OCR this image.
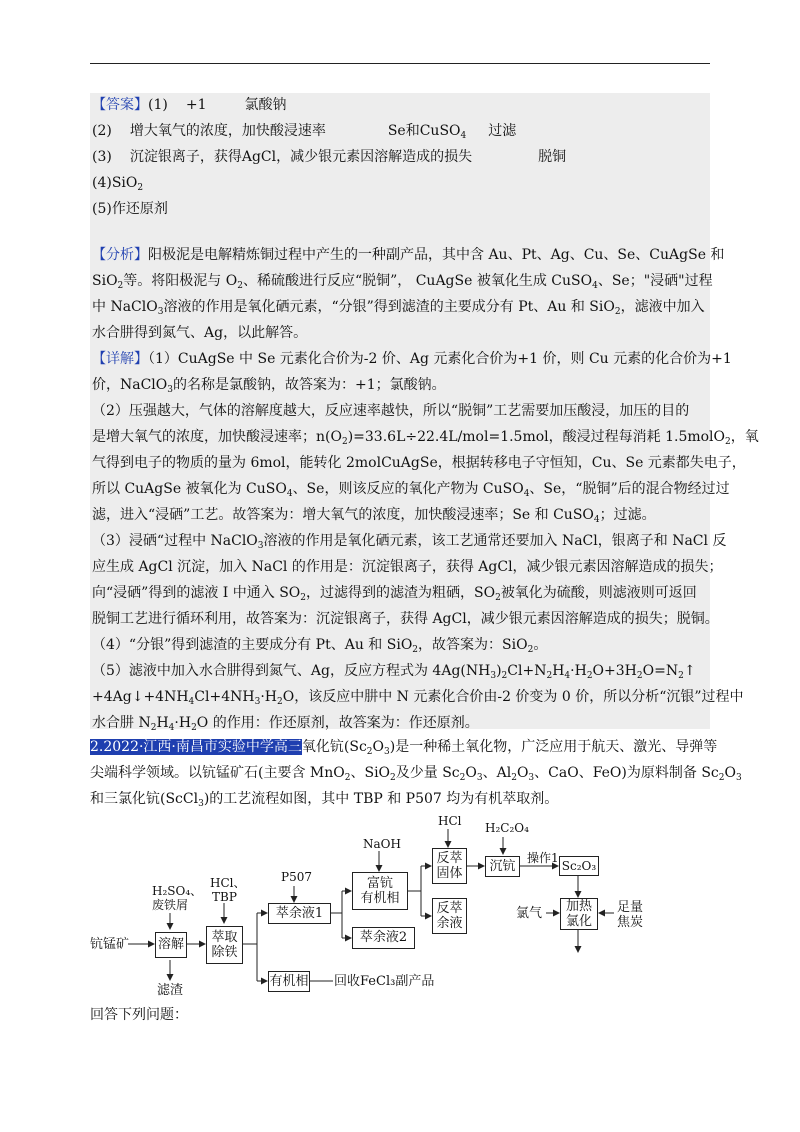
【答案】(1) +1	氯酸钠
(2) 增大氧气的浓度，加快酸浸速率	Se和CuSO$_4$ 过滤
(3) 沉淀银离子，获得AgCl，减少银元素因溶解造成的损失	脱铜
(4)SiO$_2$
(5)作还原剂
【分析】阳极泥是电解精炼铜过程中产生的一种副产品，其中含 Au、Pt、Ag、Cu、Se、CuAgSe 和
SiO$_2$等。将阳极泥与 $O_2$、稀硫酸进行反应“脱铜”， CuAgSe 被氧化生成 CuSO$_4$、Se；"浸硒"过程
中 NaClO$_3$溶液的作用是氧化硒元素，“分银”得到滤渣的主要成分有 Pt、Au 和 SiO$_2$，滤液中加入
水合肼得到氮气、Ag，以此解答。
【详解】（1）CuAgSe 中 Se 元素化合价为-2 价、Ag 元素化合价为+1 价，则 Cu 元素的化合价为+1
价，NaClO$_3$的名称是氯酸钠，故答案为：+1；氯酸钠。
（2）压强越大，气体的溶解度越大，反应速率越快，所以“脱铜”工艺需要加压酸浸，加压的目的
是增大氧气的浓度，加快酸浸速率；$n(O_2)=33.6L\div 22.4L/mol=1.5mol$，酸浸过程每消耗 1.5molO$_2$，氧
气得到电子的物质的量为 6mol，能转化 2molCuAgSe，根据转移电子守恒知，Cu、Se 元素都失电子，
所以 CuAgSe 被氧化为 CuSO$_4$、Se，则该反应的氧化产物为 CuSO$_4$、Se，“脱铜”后的混合物经过过
滤，进入“浸硒”工艺。故答案为：增大氧气的浓度，加快酸浸速率；Se 和 CuSO$_4$；过滤。
（3）浸硒“过程中 NaClO$_3$溶液的作用是氧化硒元素，该工艺通常还要加入 NaCl，银离子和 NaCl 反
应生成 AgCl 沉淀，加入 NaCl 的作用是：沉淀银离子，获得 AgCl，减少银元素因溶解造成的损失；
向“浸硒”得到的滤液 I 中通入 $SO_2$，过滤得到的滤渣为粗硒，$SO_2$被氧化为硫酸，则滤液则可返回
脱铜工艺进行循环利用，故答案为：沉淀银离子，获得 AgCl，减少银元素因溶解造成的损失；脱铜。
（4）“分银”得到滤渣的主要成分有 Pt、Au 和 SiO$_2$，故答案为：SiO$_2$。
（5）滤液中加入水合肼得到氮气、Ag，反应方程式为 $4Ag(NH_3)_2Cl+N_2H_4\cdot H_2O+3H_2O=N_2↑$
$+4Ag↓+4NH_4Cl+4NH_3\cdot H_2O$，该反应中肼中 N 元素化合价由-2 价变为 0 价，所以分析“沉银”过程中
水合肼 $N_2H_4\cdot H_2O$ 的作用：作还原剂，故答案为：作还原剂。
2.2022·江西·南昌市实验中学高三氧化钪$(Sc_2O_3)$是一种稀土氧化物，广泛应用于航天、激光、导弹等
尖端科学领域。以钪锰矿石(主要含 MnO$_2$、SiO$_2$及少量 $Sc_2O_3$、$Al_2O_3$、CaO、FeO)为原料制备 $Sc_2O_3$
和三氯化钪(ScCl$_3$)的工艺流程如图，其中 TBP 和 P507 均为有机萃取剂。
钪锰矿
H₂SO₄、
废铁屑
溶解
滤渣
HCl、
TBP
萃取
除铁
萃余液1
P507
有机相 回收FeCl₃副产品
NaOH
富钪
有机相
萃余液2
HCl
反萃
固体
反萃
余液
H₂C₂O₄
沉钪
操作1
Sc₂O₃
氯气	加热
氯化
足量
焦炭
回答下列问题：
